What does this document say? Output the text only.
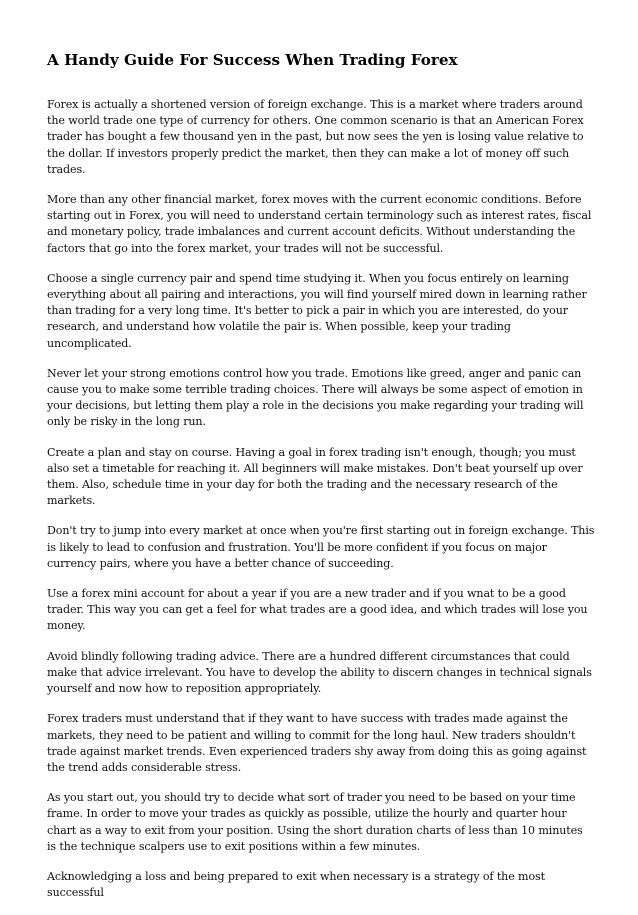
A Handy Guide For Success When Trading Forex

Forex is actually a shortened version of foreign exchange. This is a market where traders around the world trade one type of currency for others. One common scenario is that an American Forex trader has bought a few thousand yen in the past, but now sees the yen is losing value relative to the dollar. If investors properly predict the market, then they can make a lot of money off such trades.

More than any other financial market, forex moves with the current economic conditions. Before starting out in Forex, you will need to understand certain terminology such as interest rates, fiscal and monetary policy, trade imbalances and current account deficits. Without understanding the factors that go into the forex market, your trades will not be successful.

Choose a single currency pair and spend time studying it. When you focus entirely on learning everything about all pairing and interactions, you will find yourself mired down in learning rather than trading for a very long time. It's better to pick a pair in which you are interested, do your research, and understand how volatile the pair is. When possible, keep your trading uncomplicated.

Never let your strong emotions control how you trade. Emotions like greed, anger and panic can cause you to make some terrible trading choices. There will always be some aspect of emotion in your decisions, but letting them play a role in the decisions you make regarding your trading will only be risky in the long run.

Create a plan and stay on course. Having a goal in forex trading isn't enough, though; you must also set a timetable for reaching it. All beginners will make mistakes. Don't beat yourself up over them. Also, schedule time in your day for both the trading and the necessary research of the markets.

Don't try to jump into every market at once when you're first starting out in foreign exchange. This is likely to lead to confusion and frustration. You'll be more confident if you focus on major currency pairs, where you have a better chance of succeeding.

Use a forex mini account for about a year if you are a new trader and if you wnat to be a good trader. This way you can get a feel for what trades are a good idea, and which trades will lose you money.

Avoid blindly following trading advice. There are a hundred different circumstances that could make that advice irrelevant. You have to develop the ability to discern changes in technical signals yourself and now how to reposition appropriately.

Forex traders must understand that if they want to have success with trades made against the markets, they need to be patient and willing to commit for the long haul. New traders shouldn't trade against market trends. Even experienced traders shy away from doing this as going against the trend adds considerable stress.

As you start out, you should try to decide what sort of trader you need to be based on your time frame. In order to move your trades as quickly as possible, utilize the hourly and quarter hour chart as a way to exit from your position. Using the short duration charts of less than 10 minutes is the technique scalpers use to exit positions within a few minutes.

Acknowledging a loss and being prepared to exit when necessary is a strategy of the most successful
